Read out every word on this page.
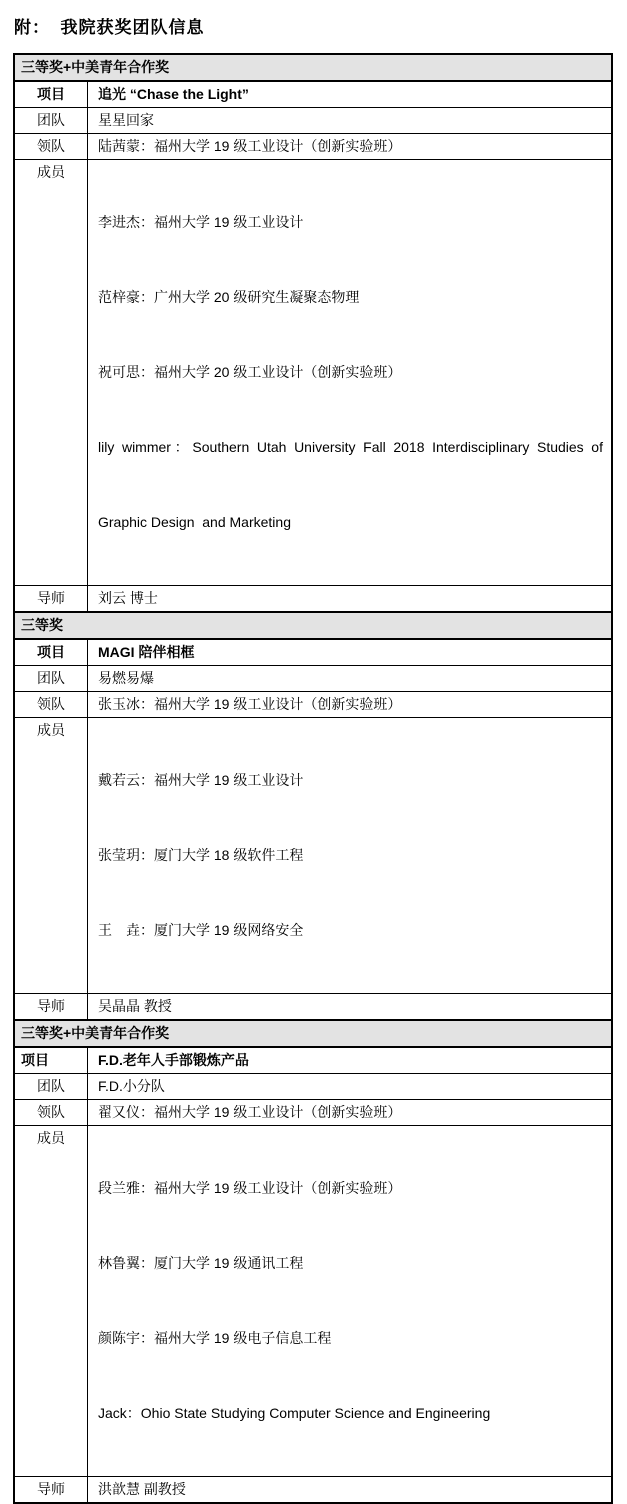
附：  我院获奖团队信息
三等奖+中美青年合作奖
项目	追光 “Chase the Light”
团队	星星回家
领队	陆茜蒙：福州大学 19 级工业设计（创新实验班）
成员

李进杰：福州大学 19 级工业设计

范梓豪：广州大学 20 级研究生凝聚态物理

祝可思：福州大学 20 级工业设计（创新实验班）

lily wimmer：Southern Utah University Fall 2018 Interdisciplinary Studies of

Graphic Design  and Marketing

导师	刘云 博士
三等奖
项目	MAGI 陪伴相框
团队	易燃易爆
领队	张玉冰：福州大学 19 级工业设计（创新实验班）
成员

戴若云：福州大学 19 级工业设计

张莹玥：厦门大学 18 级软件工程

王　垚：厦门大学 19 级网络安全

导师	吴晶晶 教授
三等奖+中美青年合作奖
项目	F.D.老年人手部锻炼产品
团队	F.D.小分队
领队	翟又仪：福州大学 19 级工业设计（创新实验班）
成员

段兰雅：福州大学 19 级工业设计（创新实验班）

林鲁翼：厦门大学 19 级通讯工程

颜陈宇：福州大学 19 级电子信息工程

Jack：Ohio State Studying Computer Science and Engineering

导师	洪歆慧 副教授
